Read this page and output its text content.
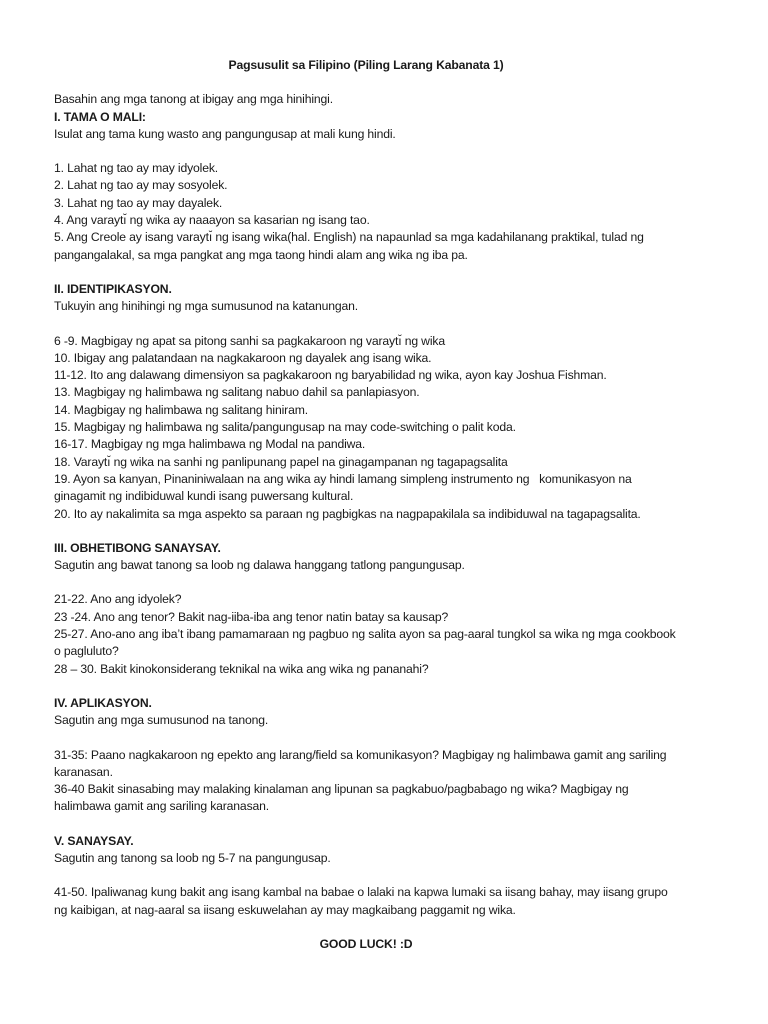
Pagsusulit sa Filipino (Piling Larang Kabanata 1)

Basahin ang mga tanong at ibigay ang mga hinihingi.

I. TAMA O MALI:

Isulat ang tama kung wasto ang pangungusap at mali kung hindi.

1. Lahat ng tao ay may idyolek.

2. Lahat ng tao ay may sosyolek.

3. Lahat ng tao ay may dayalek.

4. Ang varaytı̆ ng wika ay naaayon sa kasarian ng isang tao.

5. Ang Creole ay isang varaytı̆ ng isang wika(hal. English) na napaunlad sa mga kadahilanang praktikal, tulad ng pangangalakal, sa mga pangkat ang mga taong hindi alam ang wika ng iba pa.

II. IDENTIPIKASYON.

Tukuyin ang hinihingi ng mga sumusunod na katanungan.

6 -9. Magbigay ng apat sa pitong sanhi sa pagkakaroon ng varaytı̆ ng wika

10. Ibigay ang palatandaan na nagkakaroon ng dayalek ang isang wika.

11-12. Ito ang dalawang dimensiyon sa pagkakaroon ng baryabilidad ng wika, ayon kay Joshua Fishman.

13. Magbigay ng halimbawa ng salitang nabuo dahil sa panlapiasyon.

14. Magbigay ng halimbawa ng salitang hiniram.

15. Magbigay ng halimbawa ng salita/pangungusap na may code-switching o palit koda.

16-17. Magbigay ng mga halimbawa ng Modal na pandiwa.

18. Varaytı̆ ng wika na sanhi ng panlipunang papel na ginagampanan ng tagapagsalita

19. Ayon sa kanyan, Pinaniniwalaan na ang wika ay hindi lamang simpleng instrumento ng   komunikasyon na ginagamit ng indibiduwal kundi isang puwersang kultural.

20. Ito ay nakalimita sa mga aspekto sa paraan ng pagbigkas na nagpapakilala sa indibiduwal na tagapagsalita.

III. OBHETIBONG SANAYSAY.

Sagutin ang bawat tanong sa loob ng dalawa hanggang tatlong pangungusap.

21-22. Ano ang idyolek?

23 -24. Ano ang tenor? Bakit nag-iiba-iba ang tenor natin batay sa kausap?

25-27. Ano-ano ang iba’t ibang pamamaraan ng pagbuo ng salita ayon sa pag-aaral tungkol sa wika ng mga cookbook o pagluluto?

28 – 30. Bakit kinokonsiderang teknikal na wika ang wika ng pananahi?

IV. APLIKASYON.

Sagutin ang mga sumusunod na tanong.

31-35: Paano nagkakaroon ng epekto ang larang/field sa komunikasyon? Magbigay ng halimbawa gamit ang sariling karanasan.

36-40 Bakit sinasabing may malaking kinalaman ang lipunan sa pagkabuo/pagbabago ng wika? Magbigay ng halimbawa gamit ang sariling karanasan.

V. SANAYSAY.

Sagutin ang tanong sa loob ng 5-7 na pangungusap.

41-50. Ipaliwanag kung bakit ang isang kambal na babae o lalaki na kapwa lumaki sa iisang bahay, may iisang grupo ng kaibigan, at nag-aaral sa iisang eskuwelahan ay may magkaibang paggamit ng wika.

GOOD LUCK! :D
